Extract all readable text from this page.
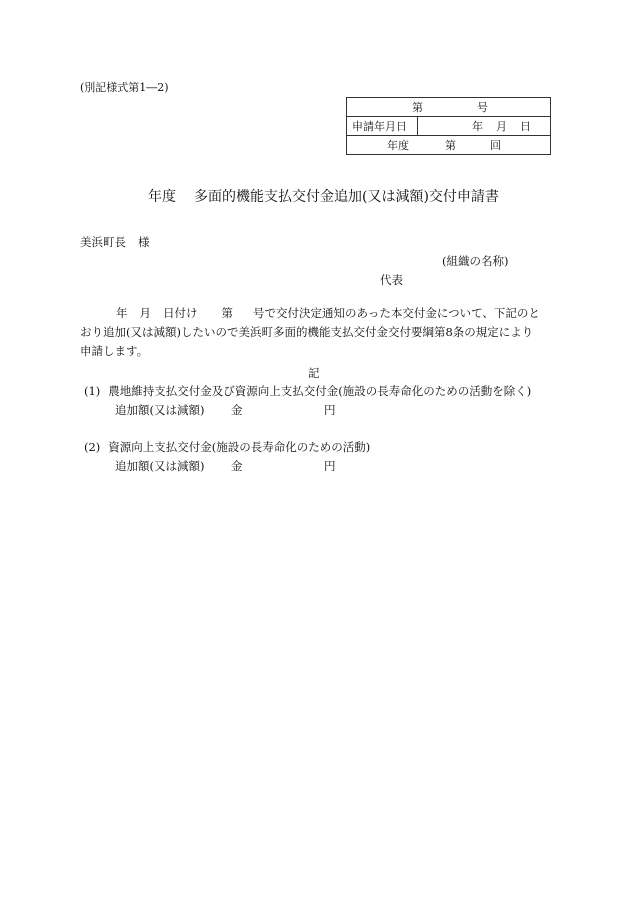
(別記様式第1―2)
第	号

申請年月日	年 月 日

年度	第	回
年度 多面的機能支払交付金追加(又は減額)交付申請書
美浜町長 様
(組織の名称)
代表

年 月 日付け 第 号で交付決定通知のあった本交付金について、下記のと

おり追加(又は減額)したいので美浜町多面的機能支払交付金交付要綱第8条の規定により

申請します。

記
(1) 農地維持支払交付金及び資源向上支払交付金(施設の長寿命化のための活動を除く)
追加額(又は減額) 金	円
(2) 資源向上支払交付金(施設の長寿命化のための活動)
追加額(又は減額) 金	円
